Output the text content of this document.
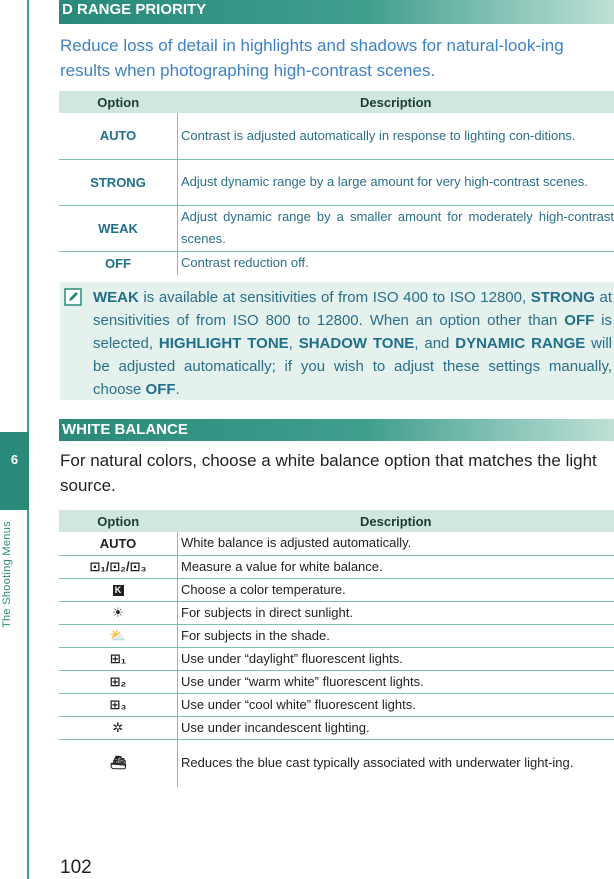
6
D RANGE PRIORITY
Reduce loss of detail in highlights and shadows for natural-look-ing results when photographing high-contrast scenes.
Option	Description
AUTO	Contrast is adjusted automatically in response to lighting con-ditions.
STRONG	Adjust dynamic range by a large amount for very high-contrast scenes.
WEAK	Adjust dynamic range by a smaller amount for moderately high-contrast scenes.
OFF	Contrast reduction off.
WEAK is available at sensitivities of from ISO 400 to ISO 12800, STRONG at sensitivities of from ISO 800 to 12800. When an option other than OFF is selected, HIGHLIGHT TONE, SHADOW TONE, and DYNAMIC RANGE will be adjusted automatically; if you wish to adjust these settings manually, choose OFF.
WHITE BALANCE
For natural colors, choose a white balance option that matches the light source.
Option	Description
AUTO	White balance is adjusted automatically.
⊡₁/⊡₂/⊡₃	Measure a value for white balance.
K	Choose a color temperature.
☀	For subjects in direct sunlight.
⛅	For subjects in the shade.
⊞₁	Use under “daylight” fluorescent lights.
⊞₂	Use under “warm white” fluorescent lights.
⊞₃	Use under “cool white” fluorescent lights.
✲	Use under incandescent lighting.
⛴	Reduces the blue cast typically associated with underwater light-ing.
102
